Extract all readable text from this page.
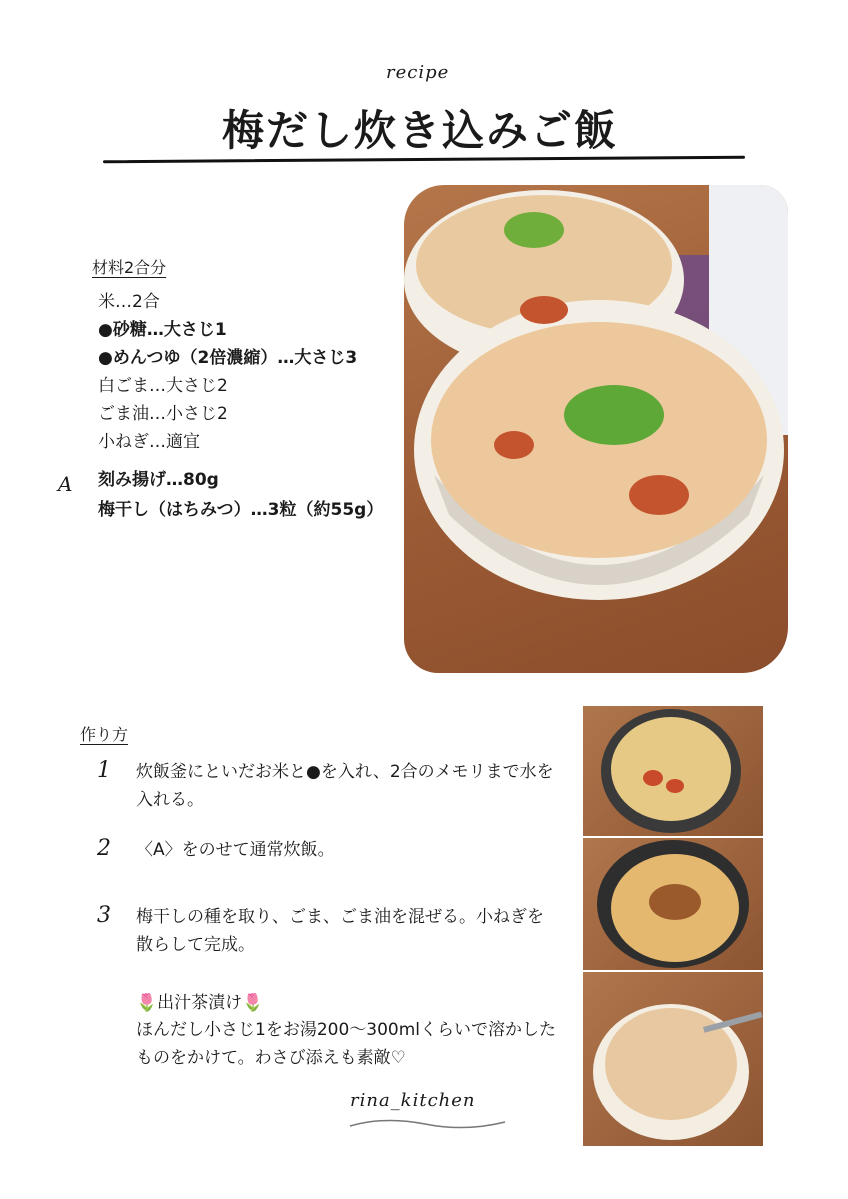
recipe
梅だし炊き込みご飯
材料2合分
米…2合
●砂糖…大さじ1
●めんつゆ（2倍濃縮）…大さじ3
白ごま…大さじ2
ごま油…小さじ2
小ねぎ…適宜
A 刻み揚げ…80g
梅干し（はちみつ）…3粒（約55g）
作り方
1 炊飯釜にといだお米と●を入れ、2合のメモリまで水を入れる。
2 〈A〉をのせて通常炊飯。
3 梅干しの種を取り、ごま、ごま油を混ぜる。小ねぎを散らして完成。
🌷出汁茶漬け🌷
ほんだし小さじ1をお湯200〜300mlくらいで溶かしたものをかけて。わさび添えも素敵♡
rina_kitchen
